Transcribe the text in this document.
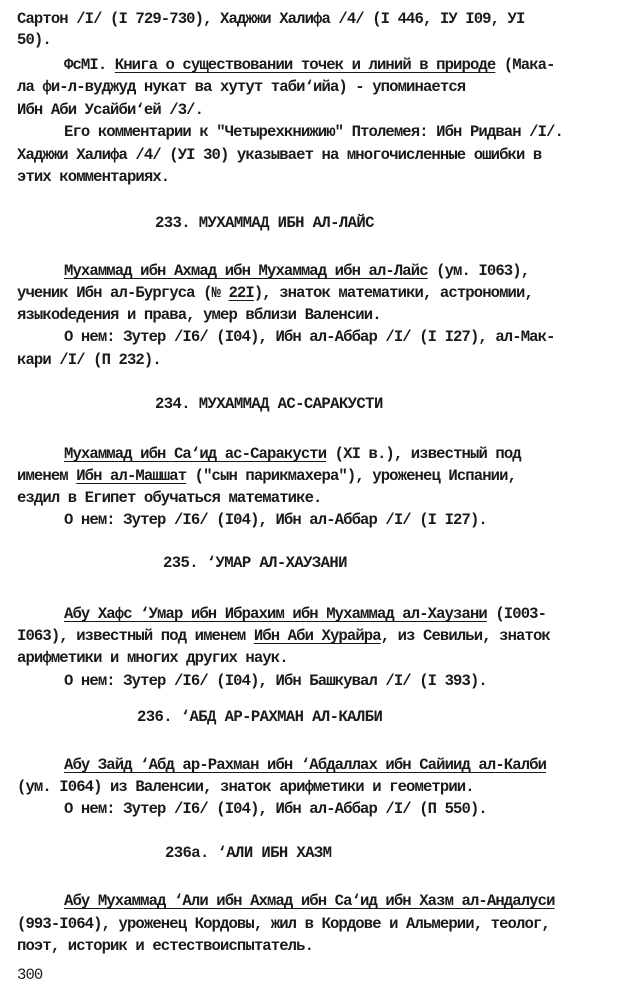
Сартон /I/ (I 729-730), Хаджжи Халифа /4/ (I 446, IУ I09, УI
50).
ФсМI. Книга о существовании точек и линий в природе (Мака-
ла фи-л-вуджуд нукат ва хутут таби‘ийа) - упоминается
Ибн Аби Усайби‘ей /3/.
Его комментарии к "Четырехкнижию" Птолемея: Ибн Ридван /I/.
Хаджжи Халифа /4/ (УI 30) указывает на многочисленные ошибки в
этих комментариях.
233. МУХАММАД ИБН АЛ-ЛАЙС
Мухаммад ибн Ахмад ибн Мухаммад ибн ал-Лайс (ум. I063),
ученик Ибн ал-Бургуса (№ 22I), знаток математики, астрономии,
языкоdедения и права, умер вблизи Валенсии.
О нем: Зутер /I6/ (I04), Ибн ал-Аббар /I/ (I I27), ал-Мак-
кари /I/ (П 232).
234. МУХАММАД АС-САРАКУСТИ
Мухаммад ибн Са‘ид ас-Саракусти (XI в.), известный под
именем Ибн ал-Машшат ("сын парикмахера"), уроженец Испании,
ездил в Египет обучаться математике.
О нем: Зутер /I6/ (I04), Ибн ал-Аббар /I/ (I I27).
235. ‘УМАР АЛ-ХАУЗАНИ
Абу Хафс ‘Умар ибн Ибрахим ибн Мухаммад ал-Хаузани (I003-
I063), известный под именем Ибн Аби Хурайра, из Севильи, знаток
арифметики и многих других наук.
О нем: Зутер /I6/ (I04), Ибн Башкувал /I/ (I 393).
236. ‘АБД АР-РАХМАН АЛ-КАЛБИ
Абу Зайд ‘Абд ар-Рахман ибн ‘Абдаллах ибн Сайиид ал-Калби
(ум. I064) из Валенсии, знаток арифметики и геометрии.
О нем: Зутер /I6/ (I04), Ибн ал-Аббар /I/ (П 550).
236а. ‘АЛИ ИБН ХАЗМ
Абу Мухаммад ‘Али ибн Ахмад ибн Са‘ид ибн Хазм ал-Андалуси
(993-I064), уроженец Кордовы, жил в Кордове и Альмерии, теолог,
поэт, историк и естествоиспытатель.
300
